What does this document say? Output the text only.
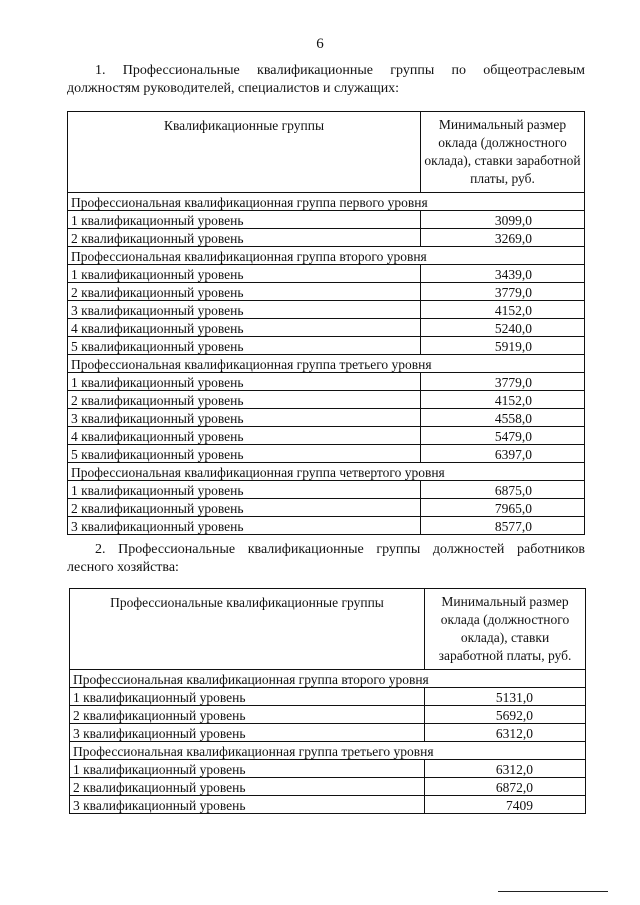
6
1. Профессиональные квалификационные группы по общеотраслевым должностям руководителей, специалистов и служащих:
Квалификационные группы	Минимальный размер оклада (должностного оклада), ставки заработной платы, руб.
Профессиональная квалификационная группа первого уровня	
1 квалификационный уровень	3099,0
2 квалификационный уровень	3269,0
Профессиональная квалификационная группа второго уровня	
1 квалификационный уровень	3439,0
2 квалификационный уровень	3779,0
3 квалификационный уровень	4152,0
4 квалификационный уровень	5240,0
5 квалификационный уровень	5919,0
Профессиональная квалификационная группа третьего уровня	
1 квалификационный уровень	3779,0
2 квалификационный уровень	4152,0
3 квалификационный уровень	4558,0
4 квалификационный уровень	5479,0
5 квалификационный уровень	6397,0
Профессиональная квалификационная группа четвертого уровня	
1 квалификационный уровень	6875,0
2 квалификационный уровень	7965,0
3 квалификационный уровень	8577,0
2. Профессиональные квалификационные группы должностей работников лесного хозяйства:
Профессиональные квалификационные группы	Минимальный размер оклада (должностного оклада), ставки заработной платы, руб.
Профессиональная квалификационная группа второго уровня	
1 квалификационный уровень	5131,0
2 квалификационный уровень	5692,0
3 квалификационный уровень	6312,0
Профессиональная квалификационная группа третьего уровня	
1 квалификационный уровень	6312,0
2 квалификационный уровень	6872,0
3 квалификационный уровень	7409
